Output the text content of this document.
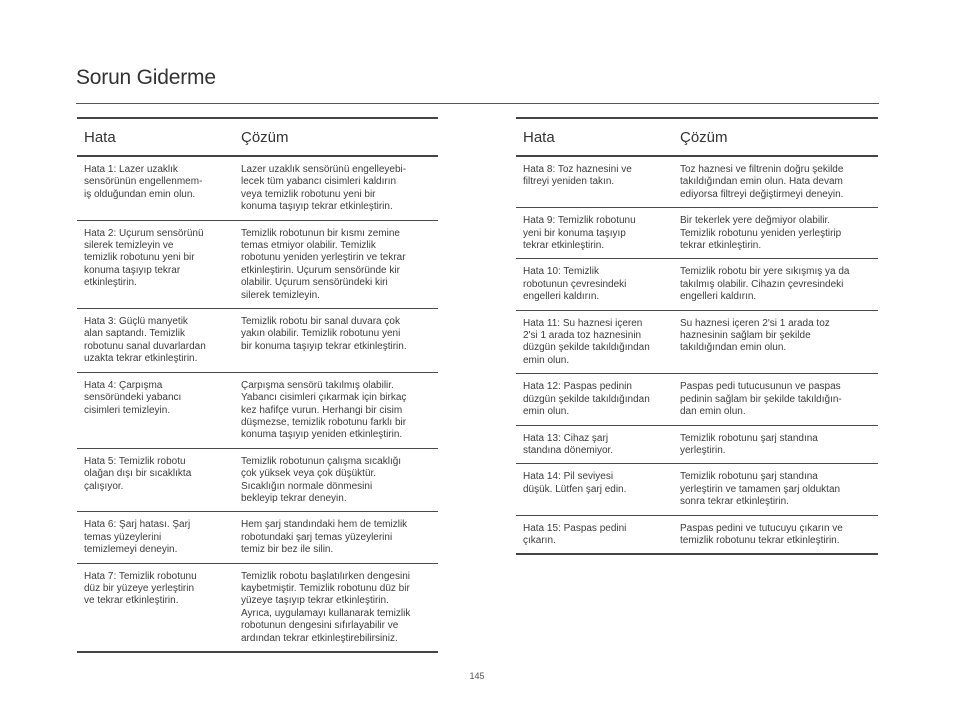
Sorun Giderme
Hata	Çözüm
Hata 1: Lazer uzaklık
sensörünün engellenmem-
iş olduğundan emin olun.
Lazer uzaklık sensörünü engelleyebi-
lecek tüm yabancı cisimleri kaldırın
veya temizlik robotunu yeni bir
konuma taşıyıp tekrar etkinleştirin.
Hata 2: Uçurum sensörünü
silerek temizleyin ve
temizlik robotunu yeni bir
konuma taşıyıp tekrar
etkinleştirin.
Temizlik robotunun bir kısmı zemine
temas etmiyor olabilir. Temizlik
robotunu yeniden yerleştirin ve tekrar
etkinleştirin. Uçurum sensöründe kir
olabilir. Uçurum sensöründeki kiri
silerek temizleyin.
Hata 3: Güçlü manyetik
alan saptandı. Temizlik
robotunu sanal duvarlardan
uzakta tekrar etkinleştirin.
Temizlik robotu bir sanal duvara çok
yakın olabilir. Temizlik robotunu yeni
bir konuma taşıyıp tekrar etkinleştirin.
Hata 4: Çarpışma
sensöründeki yabancı
cisimleri temizleyin.
Çarpışma sensörü takılmış olabilir.
Yabancı cisimleri çıkarmak için birkaç
kez hafifçe vurun. Herhangi bir cisim
düşmezse, temizlik robotunu farklı bir
konuma taşıyıp yeniden etkinleştirin.
Hata 5: Temizlik robotu
olağan dışı bir sıcaklıkta
çalışıyor.
Temizlik robotunun çalışma sıcaklığı
çok yüksek veya çok düşüktür.
Sıcaklığın normale dönmesini
bekleyip tekrar deneyin.
Hata 6: Şarj hatası. Şarj
temas yüzeylerini
temizlemeyi deneyin.
Hem şarj standındaki hem de temizlik
robotundaki şarj temas yüzeylerini
temiz bir bez ile silin.
Hata 7: Temizlik robotunu
düz bir yüzeye yerleştirin
ve tekrar etkinleştirin.
Temizlik robotu başlatılırken dengesini
kaybetmiştir. Temizlik robotunu düz bir
yüzeye taşıyıp tekrar etkinleştirin.
Ayrıca, uygulamayı kullanarak temizlik
robotunun dengesini sıfırlayabilir ve
ardından tekrar etkinleştirebilirsiniz.
Hata	Çözüm
Hata 8: Toz haznesini ve
filtreyi yeniden takın.
Toz haznesi ve filtrenin doğru şekilde
takıldığından emin olun. Hata devam
ediyorsa filtreyi değiştirmeyi deneyin.
Hata 9: Temizlik robotunu
yeni bir konuma taşıyıp
tekrar etkinleştirin.
Bir tekerlek yere değmiyor olabilir.
Temizlik robotunu yeniden yerleştirip
tekrar etkinleştirin.
Hata 10: Temizlik
robotunun çevresindeki
engelleri kaldırın.
Temizlik robotu bir yere sıkışmış ya da
takılmış olabilir. Cihazın çevresindeki
engelleri kaldırın.
Hata 11: Su haznesi içeren
2'si 1 arada toz haznesinin
düzgün şekilde takıldığından
emin olun.
Su haznesi içeren 2'si 1 arada toz
haznesinin sağlam bir şekilde
takıldığından emin olun.
Hata 12: Paspas pedinin
düzgün şekilde takıldığından
emin olun.
Paspas pedi tutucusunun ve paspas
pedinin sağlam bir şekilde takıldığın-
dan emin olun.
Hata 13: Cihaz şarj
standına dönemiyor.
Temizlik robotunu şarj standına
yerleştirin.
Hata 14: Pil seviyesi
düşük. Lütfen şarj edin.
Temizlik robotunu şarj standına
yerleştirin ve tamamen şarj olduktan
sonra tekrar etkinleştirin.
Hata 15: Paspas pedini
çıkarın.
Paspas pedini ve tutucuyu çıkarın ve
temizlik robotunu tekrar etkinleştirin.
145
